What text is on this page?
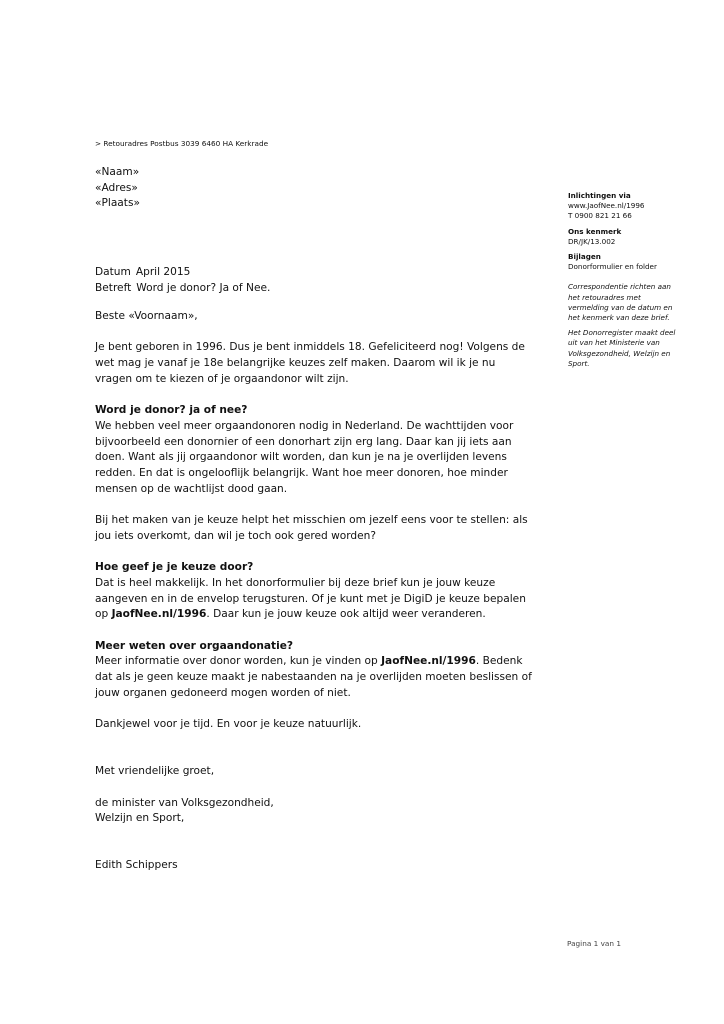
> Retouradres Postbus 3039 6460 HA Kerkrade
«Naam»
«Adres»
«Plaats»
Inlichtingen via
www.JaofNee.nl/1996
T 0900 821 21 66
Ons kenmerk
DR/JK/13.002
Bijlagen
Donorformulier en folder
Correspondentie richten aan
het retouradres met
vermelding van de datum en
het kenmerk van deze brief.
Het Donorregister maakt deel
uit van het Ministerie van
Volksgezondheid, Welzijn en
Sport.
Datum April 2015
Betreft Word je donor? Ja of Nee.

Beste «Voornaam»,

Je bent geboren in 1996. Dus je bent inmiddels 18. Gefeliciteerd nog! Volgens de

wet mag je vanaf je 18e belangrijke keuzes zelf maken. Daarom wil ik je nu

vragen om te kiezen of je orgaandonor wilt zijn.

Word je donor? ja of nee?

We hebben veel meer orgaandonoren nodig in Nederland. De wachttijden voor

bijvoorbeeld een donornier of een donorhart zijn erg lang. Daar kan jij iets aan

doen. Want als jij orgaandonor wilt worden, dan kun je na je overlijden levens

redden. En dat is ongelooflijk belangrijk. Want hoe meer donoren, hoe minder

mensen op de wachtlijst dood gaan.

Bij het maken van je keuze helpt het misschien om jezelf eens voor te stellen: als

jou iets overkomt, dan wil je toch ook gered worden?

Hoe geef je je keuze door?

Dat is heel makkelijk. In het donorformulier bij deze brief kun je jouw keuze

aangeven en in de envelop terugsturen. Of je kunt met je DigiD je keuze bepalen

op JaofNee.nl/1996. Daar kun je jouw keuze ook altijd weer veranderen.

Meer weten over orgaandonatie?

Meer informatie over donor worden, kun je vinden op JaofNee.nl/1996. Bedenk

dat als je geen keuze maakt je nabestaanden na je overlijden moeten beslissen of

jouw organen gedoneerd mogen worden of niet.

Dankjewel voor je tijd. En voor je keuze natuurlijk.

Met vriendelijke groet,

de minister van Volksgezondheid,

Welzijn en Sport,

Edith Schippers

Pagina 1 van 1
